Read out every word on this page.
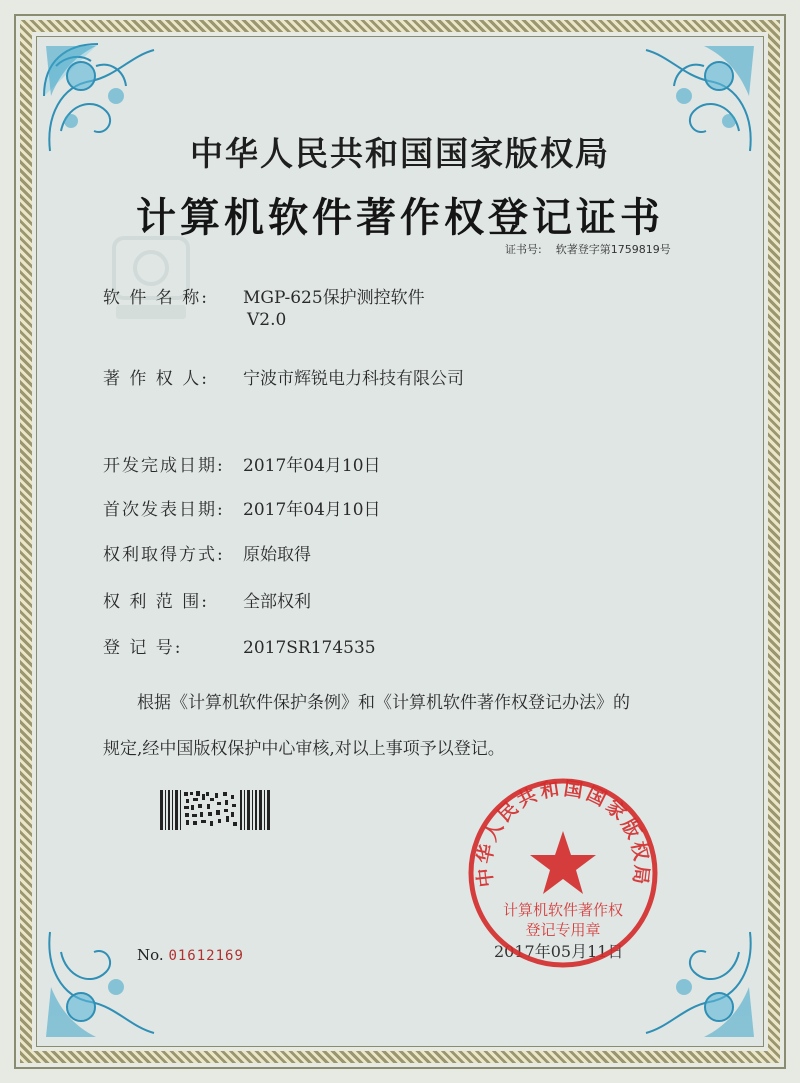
中华人民共和国国家版权局
计算机软件著作权登记证书
证书号: 软著登字第1759819号
软 件 名 称: MGP-625保护测控软件
V2.0
著 作 权 人: 宁波市辉锐电力科技有限公司
开发完成日期: 2017年04月10日
首次发表日期: 2017年04月10日
权利取得方式: 原始取得
权 利 范 围: 全部权利
登 记 号:	2017SR174535
根据《计算机软件保护条例》和《计算机软件著作权登记办法》的
规定,经中国版权保护中心审核,对以上事项予以登记。
2017年05月11日
中华人民共和国国家版权局
计算机软件著作权
登记专用章
No. 01612169
